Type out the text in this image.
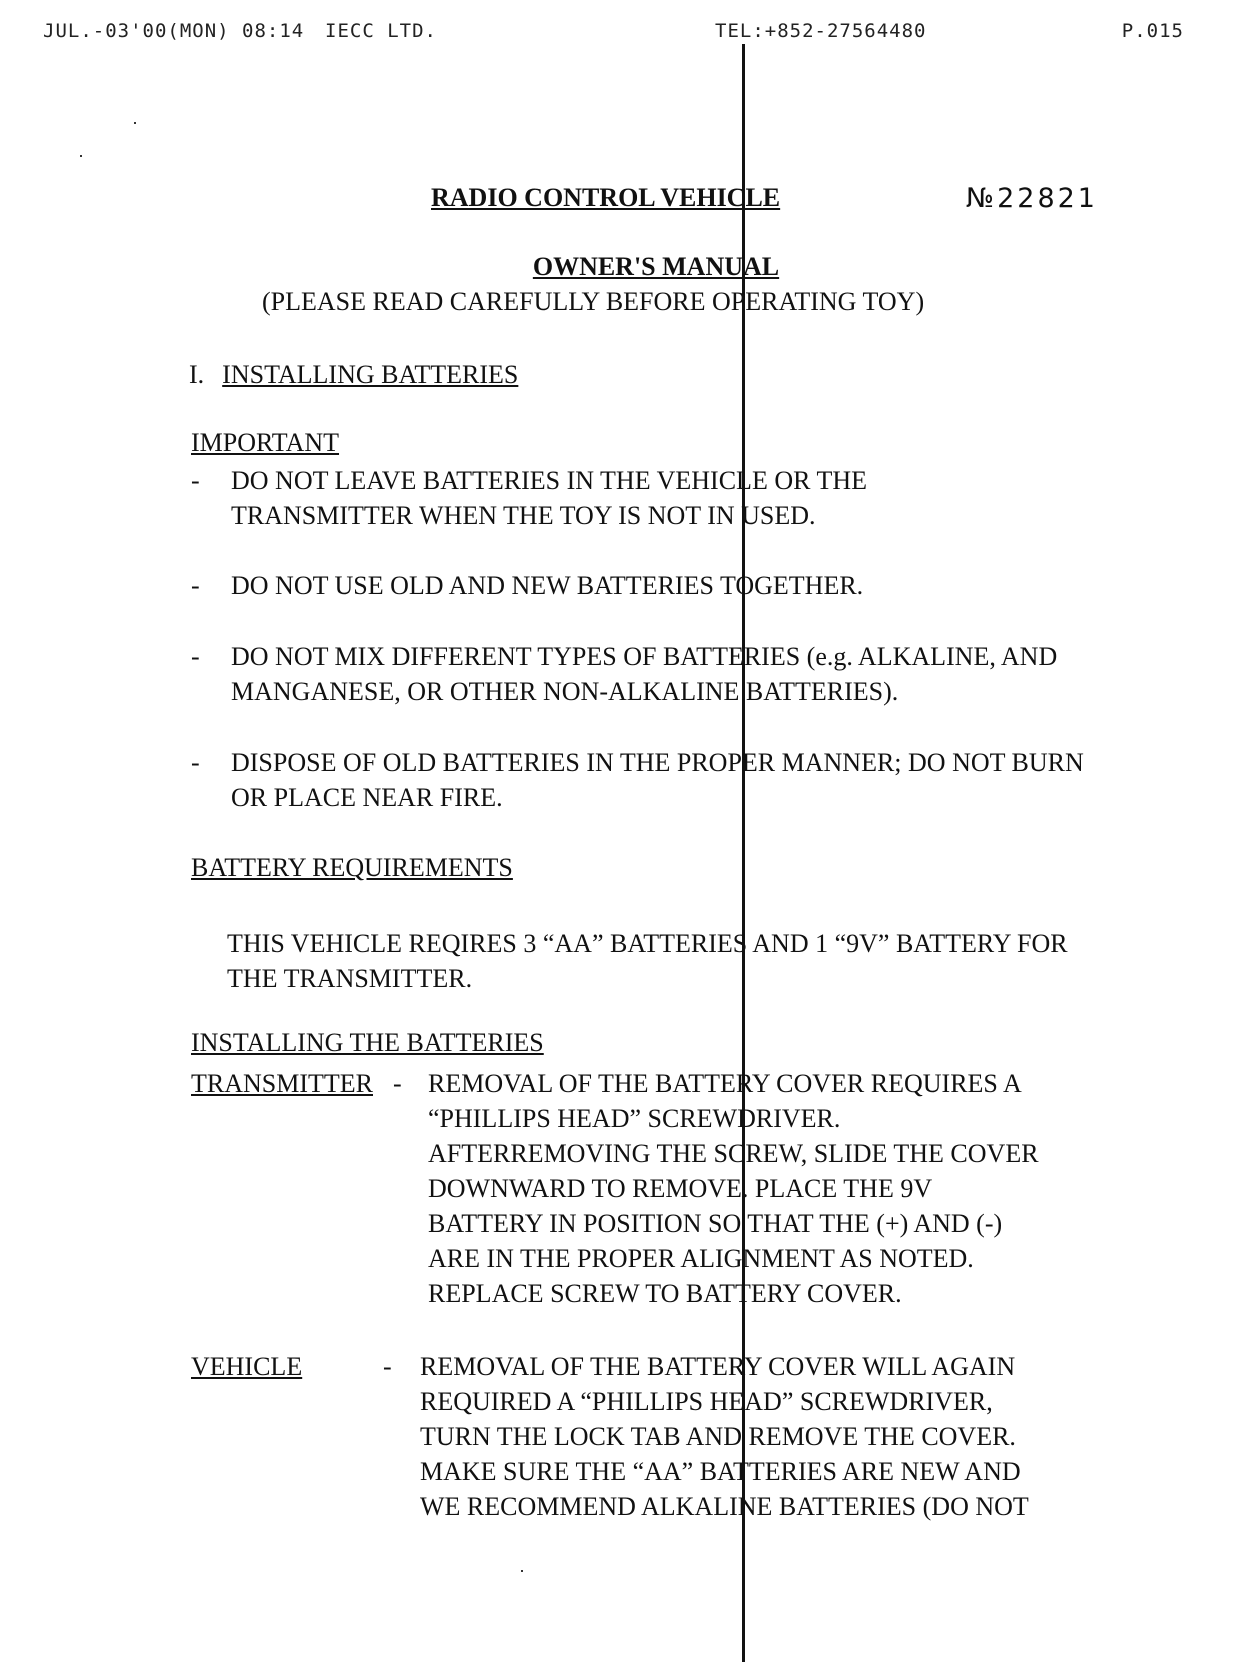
JUL.-03'00(MON) 08:14 IECC LTD.	TEL:+852-27564480	P.015
RADIO CONTROL VEHICLE	№22821
OWNER'S MANUAL
(PLEASE READ CAREFULLY BEFORE OPERATING TOY)
I. INSTALLING BATTERIES
IMPORTANT
- DO NOT LEAVE BATTERIES IN THE VEHICLE OR THE TRANSMITTER WHEN THE TOY IS NOT IN USED.
- DO NOT USE OLD AND NEW BATTERIES TOGETHER.
- DO NOT MIX DIFFERENT TYPES OF BATTERIES (e.g. ALKALINE, AND MANGANESE, OR OTHER NON-ALKALINE BATTERIES).
- DISPOSE OF OLD BATTERIES IN THE PROPER MANNER; DO NOT BURN OR PLACE NEAR FIRE.
BATTERY REQUIREMENTS
THIS VEHICLE REQIRES 3 “AA” BATTERIES AND 1 “9V” BATTERY FOR THE TRANSMITTER.
INSTALLING THE BATTERIES
TRANSMITTER - REMOVAL OF THE BATTERY COVER REQUIRES A
“PHILLIPS HEAD” SCREWDRIVER.
AFTERREMOVING THE SCREW, SLIDE THE COVER
DOWNWARD TO REMOVE. PLACE THE 9V
BATTERY IN POSITION SO THAT THE (+) AND (-)
ARE IN THE PROPER ALIGNMENT AS NOTED.
REPLACE SCREW TO BATTERY COVER.
VEHICLE	- REMOVAL OF THE BATTERY COVER WILL AGAIN
REQUIRED A “PHILLIPS HEAD” SCREWDRIVER,
TURN THE LOCK TAB AND REMOVE THE COVER.
MAKE SURE THE “AA” BATTERIES ARE NEW AND
WE RECOMMEND ALKALINE BATTERIES (DO NOT
